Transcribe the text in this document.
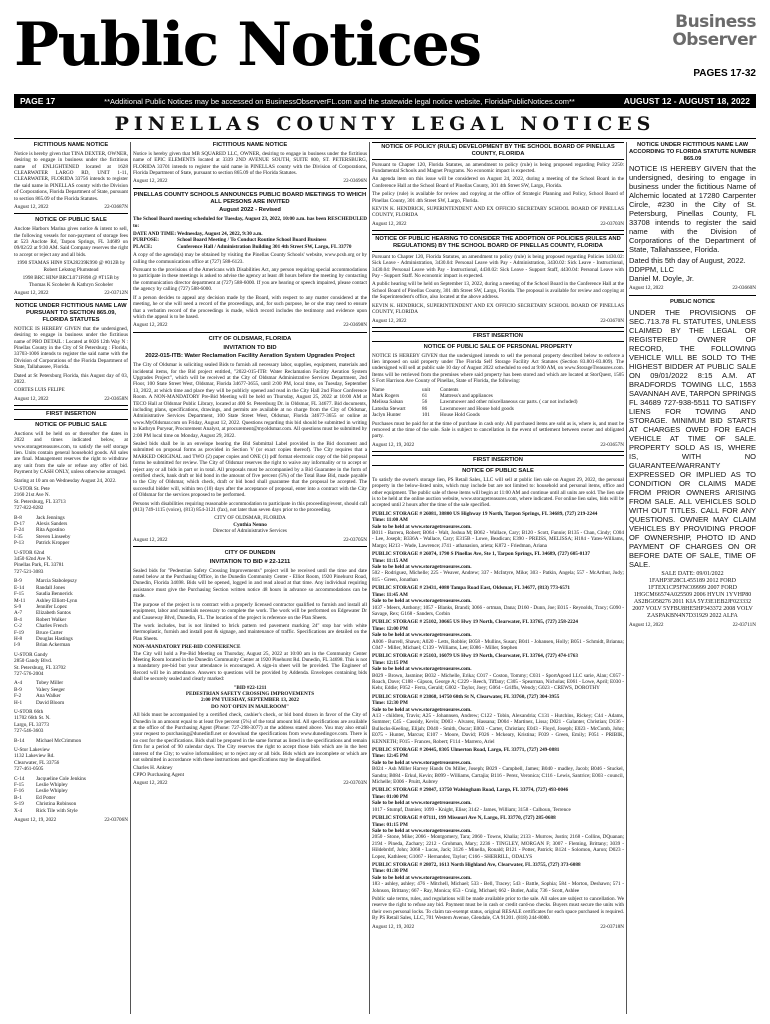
Public Notices	Business
Observer
PAGES 17-32
PAGE 17	**Additional Public Notices may be accessed on BusinessObserverFL.com and the statewide legal notice website, FloridaPublicNotices.com**	AUGUST 12 - AUGUST 18, 2022
PINELLAS COUNTY LEGAL NOTICES
FICTITIOUS NAME NOTICE
Notice is hereby given that TINA DEXTER, OWNER, desiring to engage in business under the fictitious name of ENLIGHTENED located at 1628 CLEARWATER LARGO RD, UNIT 1-11, CLEARWATER, FLORIDA 33756 intends to register the said name in PINELLAS county with the Division of Corporations, Florida Department of State, pursuant to section 865.09 of the Florida Statutes.
August 12, 2022	22-03687N
NOTICE OF PUBLIC SALE
Anclote Harbors Marina gives notice & intent to sell, the following vessels for non-payment of storage fees at 523 Anclote Rd, Tarpon Springs, FL 34689 on 09/02/22 at 9:30 AM. Said Company reserves the right to accept or reject any and all bids.
1990 STAMAS HIN# STA28239K990 @ #012B by Robert Lekstog Plumstead
1998 BRC HIN# BRCL071F898 @ #T15B by Thomas K Scoheler & Kathryn Scoheler
August 12, 2022	22-03712N
NOTICE UNDER FICTITIOUS NAME LAW PURSUANT TO SECTION 865.09, FLORIDA STATUTES
NOTICE IS HEREBY GIVEN that the undersigned, desiring to engage in business under the fictitious name of PRO DETAIL : Located at 6026 12th Way N : Pinellas County in the City of St Petersburg : Florida, 33703-1006 intends to register the said name with the Division of Corporations of the Florida Department of State, Tallahassee, Florida.
Dated at St Petersburg Florida, this August day of 03, 2022.
CORTES LUIS FELIPE
August 12, 2022	22-03658N
FIRST INSERTION
NOTICE OF PUBLIC SALE
Auctions will be held on or thereafter the dates in 2022 and times indicated below, at www.storagetreasures.com, to satisfy the self storage lien. Units contain general household goods. All sales are final. Management reserves the right to withdraw any unit from the sale or refuse any offer of bid. Payment by CASH ONLY, unless otherwise arranged.
Staring at 10 am on Wednesday August 24, 2022.
U-STOR St. Pete
2160 21st Ave N.
St. Petersburg, FL 33713
727-822-8282
B-8	Jack Jennings
D-17	Alexis Sanders
F-24	Rita Agostino
I-35	Steven Linseeby
P-13	Patrick Kropper
U-STOR 62nd
3450 62nd Ave N.
Pinellas Park, FL 33781
727-521-3083
B-9	Marcia Stabolepszy
E-14	Randall Jones
F-15	Saudia Bennerick
M-11	Ashley Elliott-Lynn
S-9	Jennifer Lopez
A-7	Elizabeth Santos
B-4	Robert Walker
C-2	Charles French
F-19	Bruce Carter
H-8	Douglas Hastings
I-9	Brian Ackerman
U-STOR Gandy
2850 Gandy Blvd.
St. Petersburg, FL 33702
727-576-2004
A-4	Tobey Miller
B-9	Valery Seeger
F-2	Ana Walker
H-1	David Bloom
U-STOR 66th
11702 66th St. N.
Largo, FL 33773
727-546-3603
B-14	Michael McCrimmon
U-Stor Lakeview
1132 Lakeview Rd.
Clearwater, FL 33756
727-461-0505
C-14	Jacqueline Cole Jenkins
F-15	Leslie Whipley
F-16	Leslie Whipley
B-1	Ed Potter
S-19	Christina Robinson
X-4	Rick Tile with Style
August 12, 19, 2022	22-03706N
FICTITIOUS NAME NOTICE
Notice is hereby given that MB SQUARED LLC, OWNER, desiring to engage in business under the fictitious name of EPIC ELEMENTS located at 3339 2ND AVENUE SOUTH, SUITE 800, ST. PETERSBURG, FLORIDA 33701 intends to register the said name in PINELLAS county with the Division of Corporations, Florida Department of State, pursuant to section 865.09 of the Florida Statutes.
August 12, 2022	22-03696N
PINELLAS COUNTY SCHOOLS ANNOUNCES PUBLIC BOARD MEETINGS TO WHICH ALL PERSONS ARE INVITED
August 2022 - Revised
The School Board meeting scheduled for Tuesday, August 23, 2022, 10:00 a.m. has been RESCHEDULED to:
DATE AND TIME: Wednesday, August 24, 2022, 9:30 a.m.
PURPOSE:	School Board Meeting / To Conduct Routine School Board Business
PLACE:	Conference Hall / Administration Building 301 4th Street SW, Largo, FL 33770
A copy of the agenda(s) may be obtained by visiting the Pinellas County Schools' website, www.pcsb.org or by calling the communications office at (727) 588-6123.
Pursuant to the provisions of the Americans with Disabilities Act, any person requiring special accommodations to participate in these meetings is asked to advise the agency at least 48 hours before the meeting by contacting the communication director department at (727) 588-6000. If you are hearing or speech impaired, please contact the agency by calling (727) 588-6000.
If a person decides to appeal any decision made by the Board, with respect to any matter considered at the meeting, he or she will need a record of the proceedings, and, for such purpose, he or she may need to ensure that a verbatim record of the proceedings is made, which record includes the testimony and evidence upon which the appeal is to be based.
August 12, 2022	22-03698N
CITY OF OLDSMAR, FLORIDA
INVITATION TO BID
2022-015-ITB: Water Reclamation Facility Aeration System Upgrades Project
The City of Oldsmar is soliciting sealed Bids to furnish all necessary labor, supplies, equipment, materials and incidental items, for the Bid project entitled, "2022-015-ITB: Water Reclamation Facility Aeration System Upgrades Project", which will be received at the City of Oldsmar Administrative Services Department, 2nd Floor, 100 State Street West, Oldsmar, Florida 34677-3655, until 2:00 PM, local time, on Tuesday, September 13, 2022, at which time and place they will be publicly opened and read in the City Hall 2nd Floor Conference Room. A NON-MANDATORY Pre-Bid Meeting will be held on Thursday, August 25, 2022 at 10:00 AM at TECO Hall at Oldsmar Public Library, located at 400 St. Petersburg Dr. in Oldsmar, FL 34677. Bid documents, including plans, specifications, drawings, and permits are available at no charge from the City of Oldsmar, Administrative Services Department, 100 State Street West, Oldsmar, Florida 34677-3655 or online at www.MyOldsmar.com on Friday, August 12, 2022. Questions regarding this bid should be submitted in writing to Kathryn Puryear, Procurement Analyst, at procurement@myoldsmar.com. All questions must be submitted by 2:00 PM local time on Monday, August 29, 2022.
Sealed bids shall be in an envelope bearing the Bid Submittal Label provided in the Bid document and submitted on proposal forms as provided in Section V (or exact copies thereof). The City requires that a MARKED ORIGINAL and TWO (2) paper copies and ONE (1) pdf format electronic copy of the bid proposal forms be submitted for review. The City of Oldsmar reserves the right to waive any informality or to accept or reject any or all bids in part or in total. All proposals must be accompanied by a Bid Guarantee in the form of certified check, bank draft or bid bond in the amount of five percent (5%) of the Total Base Bid, made payable to the City of Oldsmar, which check, draft or bid bond shall guarantee that the proposal be accepted. The successful bidder will, within ten (10) days after the acceptance of proposal, enter into a contract with the City of Oldsmar for the services proposed to be performed.
Persons with disabilities requiring reasonable accommodation to participate in this proceeding/event, should call (813) 749-1115 (voice), (813) 854-3121 (fax), not later than seven days prior to the proceeding.
CITY OF OLDSMAR, FLORIDA
Cynthia Nenno
Director of Administrative Services
August 12, 2022	22-03705N
CITY OF DUNEDIN
INVITATION TO BID # 22-1211
Sealed bids for "Pedestrian Safety Crossing Improvements" project will be received until the time and date noted below at the Purchasing Office, in the Dunedin Community Center - Elliot Room, 1920 Pinehurst Road, Dunedin, Florida 34698. Bids will be opened, logged in and read aloud at that time. Any individual requiring assistance must give the Purchasing Section written notice 48 hours in advance so accommodations can be made.
The purpose of the project is to contract with a properly licensed contractor qualified to furnish and install all equipment, labor and materials necessary to complete the work. The work will be performed on Edgewater Dr and Causeway Blvd, Dunedin, FL. The location of the project is reference on the Plan Sheets.
The work includes, but is not limited to brick pattern red pavement marking 24" stop bar with white thermoplastic, furnish and install post & signage, and maintenance of traffic. Specifications are detailed on the Plan Sheets.
NON-MANDATORY PRE-BID CONFERENCE
The City will hold a Pre-Bid Meeting on Thursday, August 25, 2022 at 10:00 am in the Community Center Meeting Room located in the Dunedin Community Center at 1920 Pinehurst Rd. Dunedin, FL 34698. This is not a mandatory pre-bid but your attendance is encouraged. A sign-in sheet will be provided. The Engineer of Record will be in attendance. Answers to questions will be provided by Addenda. Envelopes containing bids shall be securely sealed and clearly marked:
"BID #22-1211
PEDESTRIAN SAFETY CROSSING IMPROVEMENTS
2:00 PM TUESDAY, SEPTEMBER 13, 2022
DO NOT OPEN IN MAILROOM"
All bids must be accompanied by a certified check, cashier's check, or bid bond drawn in favor of the City of Dunedin in an amount equal to at least five percent (5%) of the total amount bid. All specifications are available at the office of the Purchasing Agent (Phone: 727-298-3077) at the address stated above. You may also email your request to purchasing@dunedinfl.net or download the specifications from www.dunedingov.com. There is no cost for the specifications. Bids shall be prepared in the same format as listed in the specifications and remain firm for a period of 90 calendar days. The City reserves the right to accept those bids which are in the best interest of the City; to waive informalities; or to reject any or all bids. Bids which are incomplete or which are not submitted in accordance with these instructions and specifications may be disqualified.
Charles H. Ankney
CPPO Purchasing Agent
August 12, 2022	22-03703N
NOTICE OF POLICY (RULE) DEVELOPMENT BY THE SCHOOL BOARD OF PINELLAS COUNTY, FLORIDA
Pursuant to Chapter 120, Florida Statutes, an amendment to policy (rule) is being proposed regarding Policy 2250: Fundamental Schools and Magnet Programs. No economic impact is expected.
An agenda item on this issue will be considered on August 24, 2022, during a meeting of the School Board in the Conference Hall at the School Board of Pinellas County, 301 4th Street SW, Largo, Florida.
The policy (rule) is available for review and copying at the office of Strategic Planning and Policy, School Board of Pinellas County, 301 4th Street SW, Largo, Florida.
KEVIN K. HENDRICK, SUPERINTENDENT AND EX OFFICIO SECRETARY SCHOOL BOARD OF PINELLAS COUNTY, FLORIDA
August 12, 2022	22-03703N
NOTICE OF PUBLIC HEARING TO CONSIDER THE ADOPTION OF POLICIES (RULES AND REGULATIONS) BY THE SCHOOL BOARD OF PINELLAS COUNTY, FLORIDA
Pursuant to Chapter 120, Florida Statutes, an amendment to policy (rule) is being proposed regarding Policies 1430.02: Sick Leave - Administration, 3430.04: Personal Leave with Pay - Administration, 3430.02: Sick Leave - Instructional, 3430.04: Personal Leave with Pay - Instructional, 4430.02: Sick Leave - Support Staff, 4430.04: Personal Leave with Pay - Support Staff. No economic impact is expected.
A public hearing will be held on September 13, 2022, during a meeting of the School Board in the Conference Hall at the School Board of Pinellas County, 301 4th Street SW, Largo, Florida. The proposal is available for review and copying at the Superintendent's office, also located at the above address.
KEVIN K. HENDRICK, SUPERINTENDENT AND EX OFFICIO SECRETARY SCHOOL BOARD OF PINELLAS COUNTY, FLORIDA
August 12, 2022	22-03670N
FIRST INSERTION
NOTICE OF PUBLIC SALE OF PERSONAL PROPERTY
NOTICE IS HEREBY GIVEN that the undersigned intends to sell the personal property described below to enforce a lien imposed on said property under The Florida Self Storage Facility Act Statutes (Section 83.801-83.809). The undersigned will sell at public sale 10 day of August 2022 scheduled to end at 9:00 AM, on www.StorageTreasures.com. Items will be retrieved from the premises where said property has been stored and which are located at StorQuest, 1505 S Fort Harrison Ave County of Pinellas, State of Florida, the following:
Name	unit	Contents
Mark Rogers	61	Mattress's and appliances
Melissa Salsan	56	Lawnmower and other miscellaneous car parts. ( car not included)
Latosha Stewart	86	Lawnmower and House hold goods
Jaclyn Hunter	101	House Hold Goods
Purchases must be paid for at the time of purchase in cash only. All purchased items are sold as is, where is, and must be removed at the time of the sale. Sale is subject to cancellation in the event of settlement between owner and obligated party.
August 12, 19, 2022	22-03657N
FIRST INSERTION
NOTICE OF PUBLIC SALE
To satisfy the owner's storage lien, PS Retail Sales, LLC will sell at public lien sale on August 29, 2022, the personal property in the below-listed units, which may include but are not limited to: household and personal items, office and other equipment. The public sale of these items will begin at 11:00 AM and continue until all units are sold. The lien sale is to be held at the online auction website, www.storagetreasures.com, where indicated. For online lien sales, bids will be accepted until 2 hours after the time of the sale specified.
PUBLIC STORAGE # 26081, 38800 US Highway 19 North, Tarpon Springs, FL 34689, (727) 219-2244
Time: 11:00 AM
Sale to be held at www.storagetreasures.com.
B011 - Barrera, Robert; B064 - Walt, Joshua M; B062 - Wallace, Cary; B120 - Scott, Fannie; B135 - Chan, Cindy; C004 - Lee, Joseph; B336A - Wallace, Cary; E315B - Lowe, Beadican; E390 - PREISS, MELISSA; H184 - Yates-Williams, Margo; H213 - Wade, Lawrence; J741 - athanasion, arieta; K872 - Friedman, Ariana
PUBLIC STORAGE # 26074, 1790 S Pinellas Ave, Ste 1, Tarpon Springs, FL 34689, (727) 605-0137
Time: 11:15 AM
Sale to be held at www.storagetreasures.com.
502 - Rodriguez, Michelle; 225 - Weaver, Andrew; 337 - McIntyre, Mike; 303 - Patkin, Angela; 557 - McArthur, Judy; 815 - Green, Jonathan
PUBLIC STORAGE # 23431, 4080 Tampa Road East, Oldsmar, FL 34677, (813) 773-6571
Time: 11:45 AM
Sale to be held at www.storagetreasures.com.
1037 - Meers, Anthony; 1057 - Blanks, Brandi; 3066 - ortman, Dana; D160 - Dunn, Joe; E015 - Reynolds, Tracy; G090 - Savage, Rex; G168 - Sanders, Corbin
PUBLIC STORAGE # 25102, 30665 US Hwy 19 North, Clearwater, FL 33765, (727) 258-2224
Time: 12:00 PM
Sale to be held at www.storagetreasures.com.
A006 - Burrell, Shawn; A020 - Letts, Robbie; B058 - Mullins, Susan; B041 - Johansen, Holly; B051 - Schmidt, Brianna; C047 - Miller, Michael; C139 - Williams, Lee; E086 - Miller, Stephen
PUBLIC STORAGE # 25103, 16079 US Hwy 19 North, Clearwater, FL 33764, (727) 474-1763
Time: 12:15 PM
Sale to be held at www.storagetreasures.com.
B029 - Brown, Jasmine; B032 - Michelle, Erika; C017 - Coston, Tommy; C031 - SportAgood LLC sarie, Alan; C057 - Roach, Dave; C188 - Gipson, George A; C229 - Reech, Tiffany; C305 - Spearman, Nicholas; E061 - Lowe, April; E030 - Kehr, Eddie; F052 - Ferra, Gerald; G002 - Taylor, Joey; G064 - Griffis, Wendy; G023 - CREWS, DOROTHY
PUBLIC STORAGE # 23868, 14750 60th St N, Clearwater, FL 33760, (727) 304-3955
Time: 12:30 PM
Sale to be held at www.storagetreasures.com.
A13 - children, Travis; A25 - Johannsen, Andrew; C122 - Tobin, Alexandria; C131 - Hutchins, Rickey; C44 - Adams, Summer; C45 - Cassidy, Kevin; D003 - Alvarez, Hassana; D004 - Martinez, Lissa; D021 - Galanter, Christian; D136 - Bullocks-Keeling, Elijah; D040 - Smith, Oscar; E003 - Carter, Christian; E043 - Floyd, Joseph; E023 - McComb, John; E075 - Hunter, Marcus; E107 - Moore, David; F026 - Mckeary, Kristina; F039 - Green, Emily; F051 - PRIBIK, KENNETH; F015 - Frances, Robert; F114 - Marrero, Ariel
PUBLIC STORAGE # 20445, 8305 Ulmerton Road, Largo, FL 33771, (727) 249-0881
Time: 12:45 PM
Sale to be held at www.storagetreasures.com.
B024 - Ash Miller Harvey Hands On Miller, Joseph; B029 - Campbell, James; B040 - madley, Jacob; B046 - Stuckel, Sandra; B084 - Erkul, Kevin; B099 - Williams, Cartajia; B116 - Perez, Veronica; C116 - Lewis, Santrice; E003 - council, Michelle; E006 - Pruitt, Aubrey
PUBLIC STORAGE # 29847, 13750 Walsingham Road, Largo, FL 33774, (727) 493-0046
Time: 01:00 PM
Sale to be held at www.storagetreasures.com.
1017 - Stumpf, Damien; 1099 - Knight, Elise; 3142 - James, William; 3158 - Calhoun, Terrence
PUBLIC STORAGE # 07111, 199 Missouri Ave N, Largo, FL 33770, (727) 285-0688
Time: 01:15 PM
Sale to be held at www.storagetreasures.com.
2050 - Stone, Mike; 2066 - Montgomery, Tara; 2060 - Towns, Khalia; 2133 - Murrow, Justin; 2168 - Collins, DQuanan; 2194 - Pineda, Zachary; 2212 - Grohman, Mary; 2236 - TINGLEY, MORGAN F; 3007 - Fleming, Brittany; 3039 - Hildebrdrf, John; 3068 - Lucas, Jack; 3126 - Minella, Ronald; B121 - Potter, Patrick; B124 - Solomon, Aaron; D023 - Lopez, Kathleen; G1067 - Hernandez, Taylor; C166 - SHERRILL, ODALYS
PUBLIC STORAGE # 28072, 1613 North Highland Ave, Clearwater, FL 33755, (727) 373-6088
Time: 01:30 PM
Sale to be held at www.storagetreasures.com.
183 - ashley, ashley; 476 - Mitchell, Michael; 533 - Bell, Tracey; 543 - Battle, Sophia; 584 - Morton, Deshawn; 571 - Johnson, Brittany; 667 - Ray, Monica; 653 - Craig, Michael; 662 - Butler, Aalia; 736 - Scott, Ashlee
Public sale terms, rules, and regulations will be made available prior to the sale. All sales are subject to cancellation. We reserve the right to refuse any bid. Payment must be in cash or credit card-no checks. Buyers must secure the units with their own personal locks. To claim tax-exempt status, original RESALE certificates for each space purchased is required. By PS Retail Sales, LLC, 701 Western Avenue, Glendale, CA 91201. (818) 244-8080.
August 12, 19, 2022	22-03718N
NOTICE UNDER FICTITIOUS NAME LAW ACCORDING TO FLORIDA STATUTE NUMBER 865.09
NOTICE IS HEREBY GIVEN that the undersigned, desiring to engage in business under the fictitious Name of Alchemic located at 17280 Carpenter Circle, #230 in the City of St. Petersburg, Pinellas County, FL 33708 intends to register the said name with the Division of Corporations of the Department of State, Tallahassee, Florida.
Dated this 5th day of August, 2022.
DDPPM, LLC
Daniel M. Doyle, Jr.
August 12, 2022	22-03660N
PUBLIC NOTICE
UNDER THE PROVISIONS OF SEC.713.78 FL STATUTES, UNLESS CLAIMED BY THE LEGAL OR REGISTERED OWNER OF RECORD, THE FOLLOWING VEHICLE WILL BE SOLD TO THE HIGHEST BIDDER AT PUBLIC SALE ON 09/01/2022 8:15 A.M. AT BRADFORDS TOWING LLC, 1553 SAVANNAH AVE, TARPON SPRINGS FL 34689 727-938-5511 TO SATISFY LIENS FOR TOWING AND STORAGE. MINIMUM BID STARTS AT CHARGES OWED FOR EACH VEHICLE AT TIME OF SALE. PROPERTY SOLD AS IS, WHERE IS, WITH NO GUARANTEE/WARRANTY EXPRESSED OR IMPLIED AS TO CONDITION OR CLAIMS MADE FROM PRIOR OWNERS ARISING FROM SALE. ALL VEHICLES SOLD WITH OUT TITLES. CALL FOR ANY QUESTIONS. OWNER MAY CLAIM VEHICLES BY PROVIDING PROOF OF OWNERSHIP, PHOTO ID AND PAYMENT OF CHARGES ON OR BEFORE DATE OF SALE, TIME OF SALE.
SALE DATE: 09/01/2022
1FAHP3F28CL455189 2012 FORD 1FTEX1CP5FNC09999 2007 FORD 1HGCM66574A025509 2006 HYUN 1YVHP80 AS2BG058276 2011 KIA 5YJ3E1EB2JF023332 2007 VOLV 5YFBU8HE5HP343372 2008 VOLV ZASPAKBN4N7D31929 2022 ALFA
August 12, 2022	22-03711N
